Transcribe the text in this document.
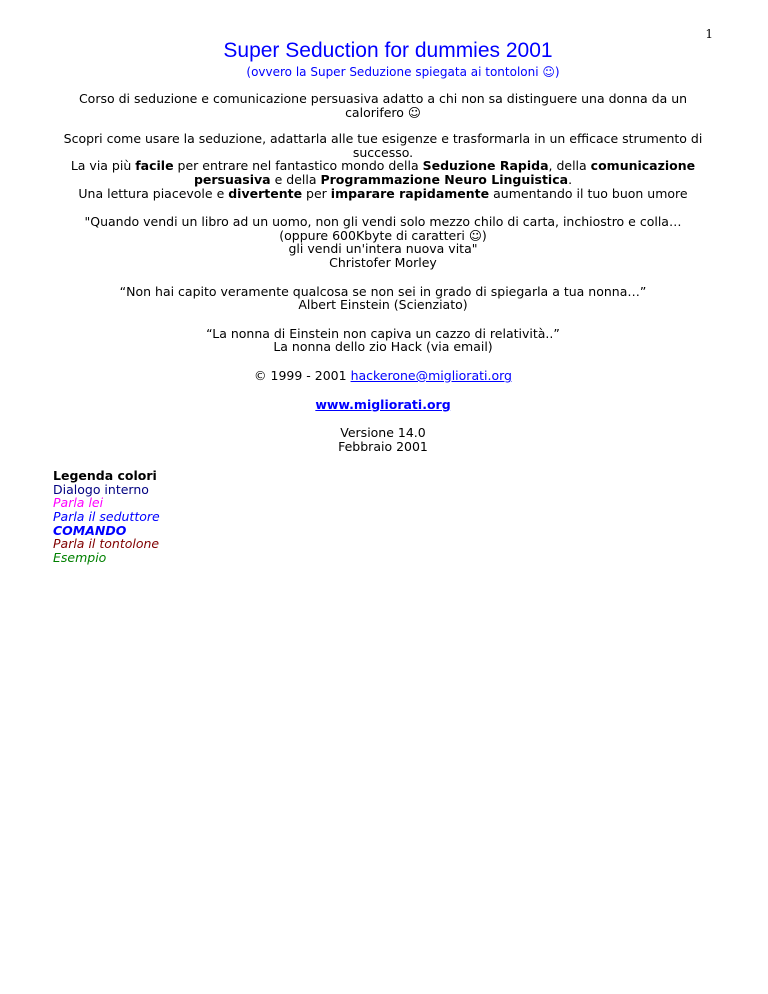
1
Super Seduction for dummies 2001
(ovvero la Super Seduzione spiegata ai tontoloni ☺)

Corso di seduzione e comunicazione persuasiva adatto a chi non sa distinguere una donna da un calorifero ☺

Scopri come usare la seduzione, adattarla alle tue esigenze e trasformarla in un efficace strumento di successo.

La via più facile per entrare nel fantastico mondo della Seduzione Rapida, della comunicazione persuasiva e della Programmazione Neuro Linguistica.

Una lettura piacevole e divertente per imparare rapidamente aumentando il tuo buon umore

"Quando vendi un libro ad un uomo, non gli vendi solo mezzo chilo di carta, inchiostro e colla…

(oppure 600Kbyte di caratteri ☺)

gli vendi un'intera nuova vita"

Christofer Morley

“Non hai capito veramente qualcosa se non sei in grado di spiegarla a tua nonna…”

Albert Einstein (Scienziato)

“La nonna di Einstein non capiva un cazzo di relatività..”

La nonna dello zio Hack (via email)

© 1999 - 2001 hackerone@migliorati.org

www.migliorati.org

Versione 14.0

Febbraio 2001

Legenda colori
Dialogo interno
Parla lei
Parla il seduttore
COMANDO
Parla il tontolone
Esempio
